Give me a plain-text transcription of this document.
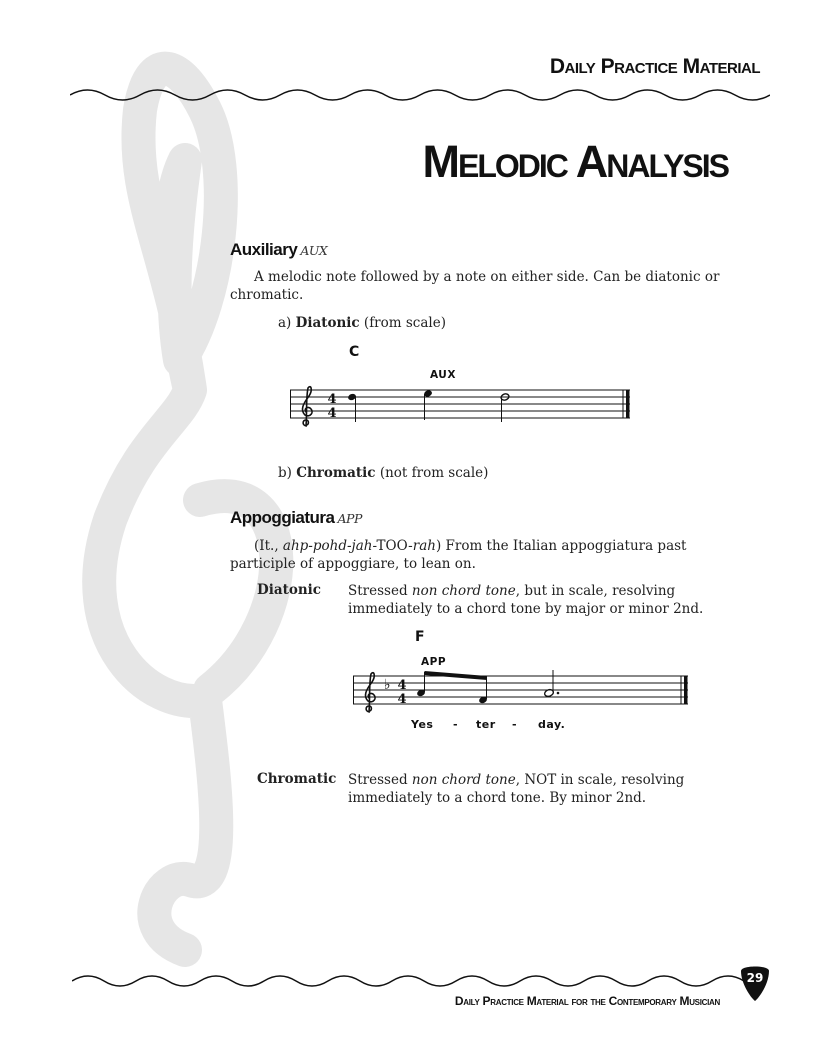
Daily Practice Material
Melodic Analysis
Auxiliary AUX
A melodic note followed by a note on either side. Can be diatonic or chromatic.
a) Diatonic (from scale)
C
AUX
4
4
b) Chromatic (not from scale)
Appoggiatura APP
(It., ahp-pohd-jah-TOO-rah) From the Italian appoggiatura past participle of appoggiare, to lean on.
Diatonic Stressed non chord tone, but in scale, resolving immediately to a chord tone by major or minor 2nd.
F
APP
♭ 4
4
Yes - ter - day.
Chromatic Stressed non chord tone, NOT in scale, resolving immediately to a chord tone. By minor 2nd.
29
Daily Practice Material for the Contemporary Musician
